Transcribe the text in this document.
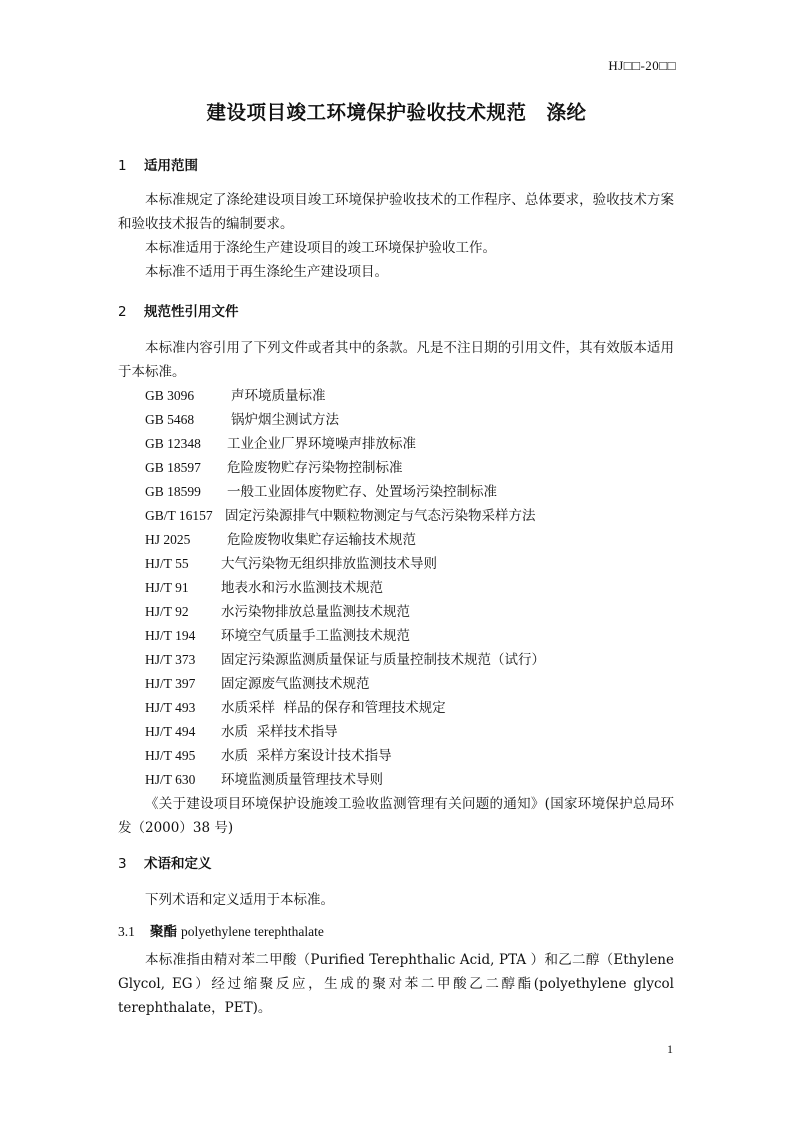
HJ□□-20□□
建设项目竣工环境保护验收技术规范　涤纶
1 适用范围
本标准规定了涤纶建设项目竣工环境保护验收技术的工作程序、总体要求，验收技术方案和验收技术报告的编制要求。
本标准适用于涤纶生产建设项目的竣工环境保护验收工作。
本标准不适用于再生涤纶生产建设项目。
2 规范性引用文件
本标准内容引用了下列文件或者其中的条款。凡是不注日期的引用文件，其有效版本适用于本标准。
GB 3096	声环境质量标准
GB 5468	锅炉烟尘测试方法
GB 12348 工业企业厂界环境噪声排放标准
GB 18597 危险废物贮存污染物控制标准
GB 18599 一般工业固体废物贮存、处置场污染控制标准
GB/T 16157 固定污染源排气中颗粒物测定与气态污染物采样方法
HJ 2025	危险废物收集贮存运输技术规范
HJ/T 55 大气污染物无组织排放监测技术导则
HJ/T 91 地表水和污水监测技术规范
HJ/T 92 水污染物排放总量监测技术规范
HJ/T 194 环境空气质量手工监测技术规范
HJ/T 373 固定污染源监测质量保证与质量控制技术规范（试行）
HJ/T 397 固定源废气监测技术规范
HJ/T 493 水质采样  样品的保存和管理技术规定
HJ/T 494 水质  采样技术指导
HJ/T 495 水质  采样方案设计技术指导
HJ/T 630 环境监测质量管理技术导则
《关于建设项目环境保护设施竣工验收监测管理有关问题的通知》(国家环境保护总局环发（2000）38 号)
3 术语和定义
下列术语和定义适用于本标准。
3.1 聚酯 polyethylene terephthalate
本标准指由精对苯二甲酸（Purified Terephthalic Acid, PTA ）和乙二醇（Ethylene Glycol, EG）经过缩聚反应，生成的聚对苯二甲酸乙二醇酯(polyethylene glycol terephthalate，PET)。
1
